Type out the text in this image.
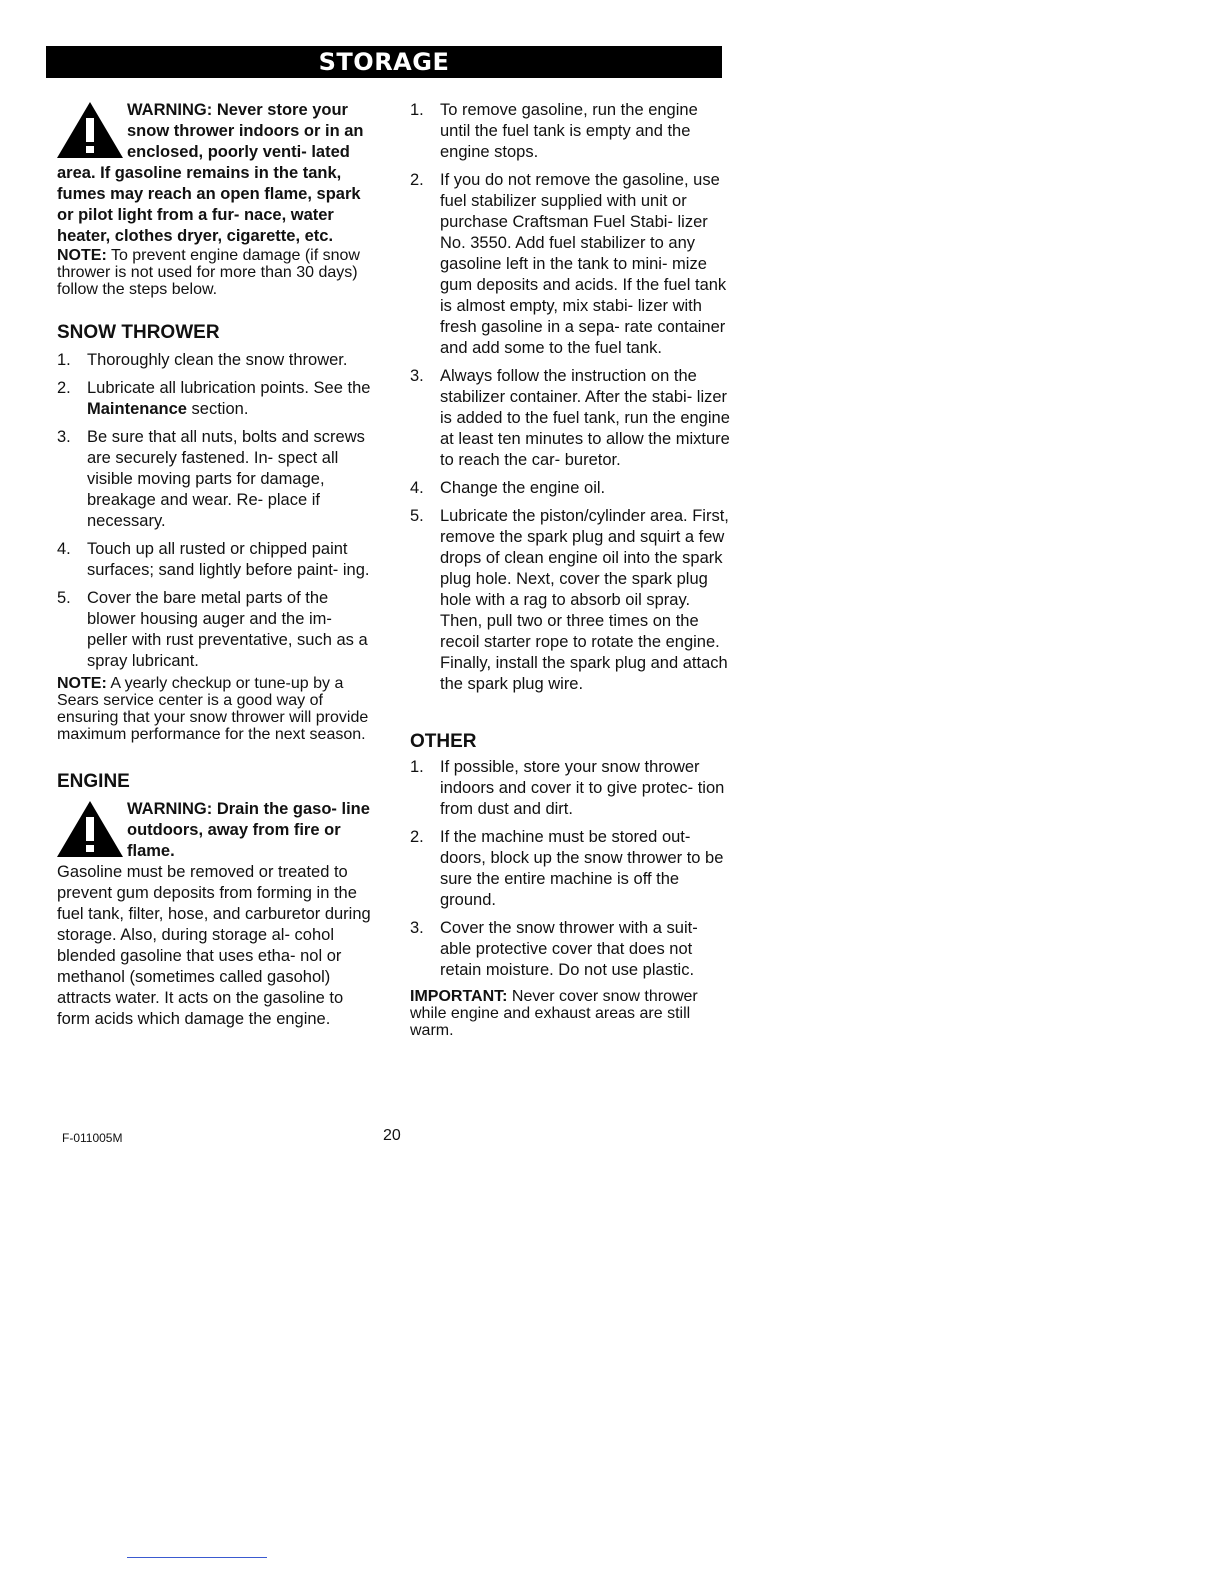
STORAGE
WARNING: Never store your snow thrower indoors or in an enclosed, poorly venti- lated area. If gasoline remains in the tank, fumes may reach an open flame, spark or pilot light from a fur- nace, water heater, clothes dryer, cigarette, etc.
NOTE: To prevent engine damage (if snow thrower is not used for more than 30 days) follow the steps below.
SNOW THROWER
1. Thoroughly clean the snow thrower.
2. Lubricate all lubrication points. See the Maintenance section.
3. Be sure that all nuts, bolts and screws are securely fastened. In- spect all visible moving parts for damage, breakage and wear. Re- place if necessary.
4. Touch up all rusted or chipped paint surfaces; sand lightly before paint- ing.
5. Cover the bare metal parts of the blower housing auger and the im- peller with rust preventative, such as a spray lubricant.
NOTE: A yearly checkup or tune-up by a Sears service center is a good way of ensuring that your snow thrower will provide maximum performance for the next season.
ENGINE
WARNING: Drain the gaso- line outdoors, away from fire or flame.
Gasoline must be removed or treated to prevent gum deposits from forming in the fuel tank, filter, hose, and carburetor during storage. Also, during storage al- cohol blended gasoline that uses etha- nol or methanol (sometimes called gasohol) attracts water. It acts on the gasoline to form acids which damage the engine.
1. To remove gasoline, run the engine until the fuel tank is empty and the engine stops.
2. If you do not remove the gasoline, use fuel stabilizer supplied with unit or purchase Craftsman Fuel Stabi- lizer No. 3550. Add fuel stabilizer to any gasoline left in the tank to mini- mize gum deposits and acids. If the fuel tank is almost empty, mix stabi- lizer with fresh gasoline in a sepa- rate container and add some to the fuel tank.
3. Always follow the instruction on the stabilizer container. After the stabi- lizer is added to the fuel tank, run the engine at least ten minutes to allow the mixture to reach the car- buretor.
4. Change the engine oil.
5. Lubricate the piston/cylinder area. First, remove the spark plug and squirt a few drops of clean engine oil into the spark plug hole. Next, cover the spark plug hole with a rag to absorb oil spray. Then, pull two or three times on the recoil starter rope to rotate the engine. Finally, install the spark plug and attach the spark plug wire.
OTHER
1. If possible, store your snow thrower indoors and cover it to give protec- tion from dust and dirt.
2. If the machine must be stored out- doors, block up the snow thrower to be sure the entire machine is off the ground.
3. Cover the snow thrower with a suit- able protective cover that does not retain moisture. Do not use plastic.
IMPORTANT: Never cover snow thrower while engine and exhaust areas are still warm.
F-011005M	20
